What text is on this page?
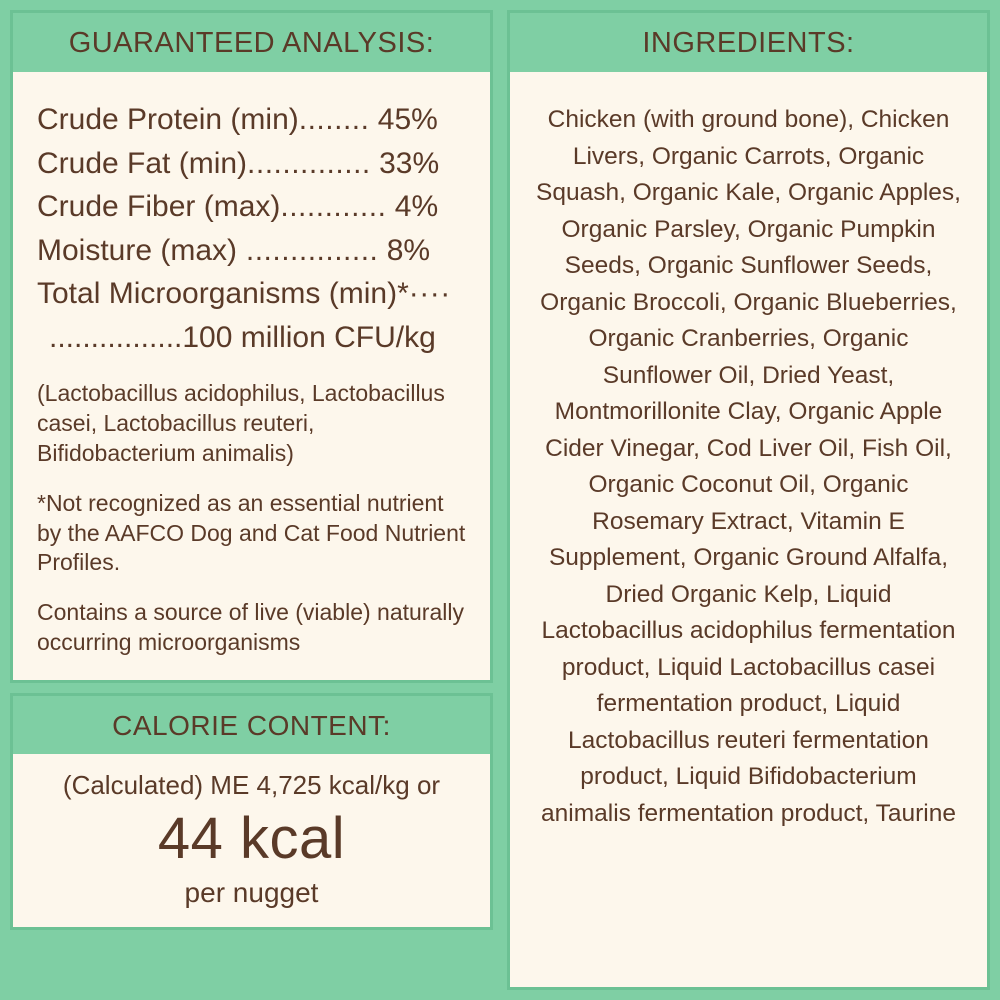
GUARANTEED ANALYSIS:
Crude Protein (min)........ 45%
Crude Fat (min).............. 33%
Crude Fiber (max)............ 4%
Moisture (max) ............... 8%
Total Microorganisms (min)*····
................100 million CFU/kg
(Lactobacillus acidophilus, Lactobacillus casei, Lactobacillus reuteri, Bifidobacterium animalis)
*Not recognized as an essential nutrient by the AAFCO Dog and Cat Food Nutrient Profiles.
Contains a source of live (viable) naturally occurring microorganisms
CALORIE CONTENT:
(Calculated) ME 4,725 kcal/kg or
44 kcal
per nugget
INGREDIENTS:
Chicken (with ground bone), Chicken Livers, Organic Carrots, Organic Squash, Organic Kale, Organic Apples, Organic Parsley, Organic Pumpkin Seeds, Organic Sunflower Seeds, Organic Broccoli, Organic Blueberries, Organic Cranberries, Organic Sunflower Oil, Dried Yeast, Montmorillonite Clay, Organic Apple Cider Vinegar, Cod Liver Oil, Fish Oil, Organic Coconut Oil, Organic Rosemary Extract, Vitamin E Supplement, Organic Ground Alfalfa, Dried Organic Kelp, Liquid Lactobacillus acidophilus fermentation product, Liquid Lactobacillus casei fermentation product, Liquid Lactobacillus reuteri fermentation product, Liquid Bifidobacterium animalis fermentation product, Taurine
